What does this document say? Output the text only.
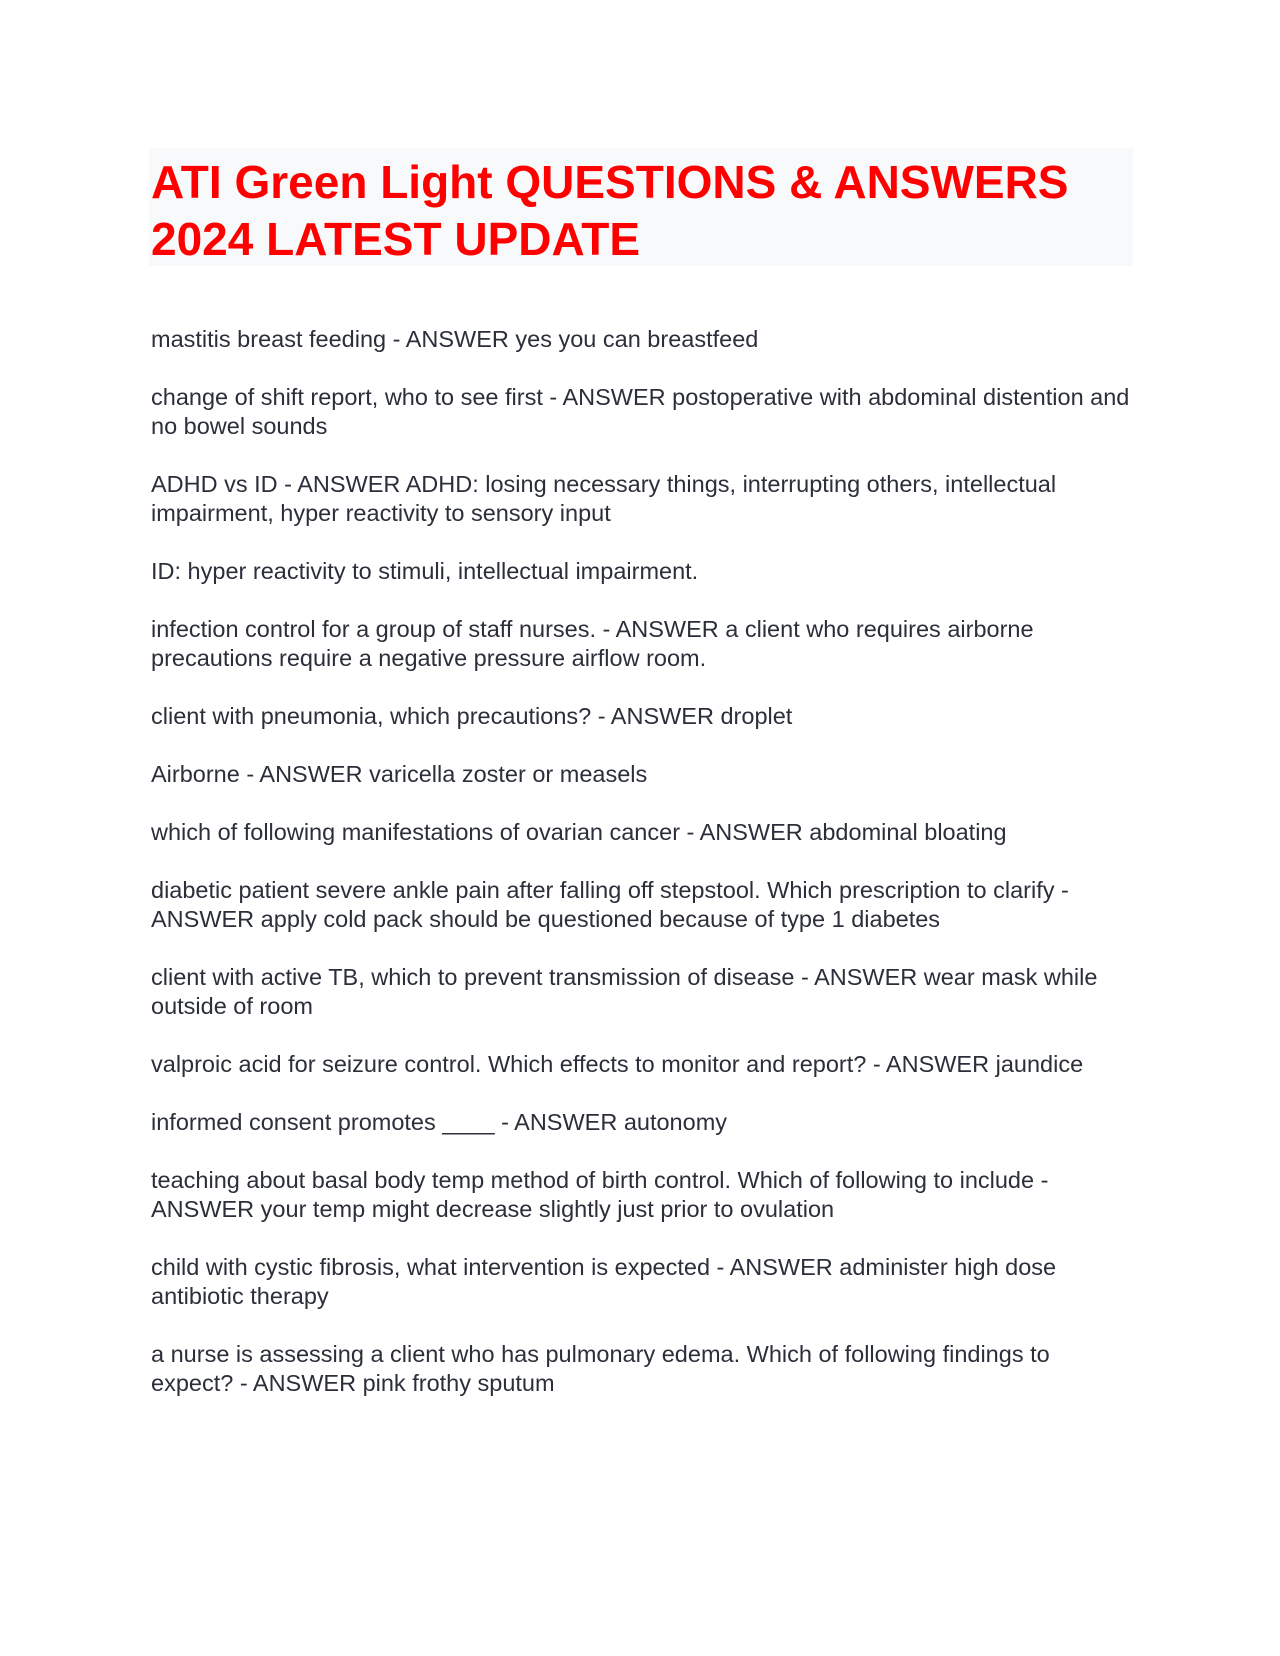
ATI Green Light QUESTIONS & ANSWERS 2024 LATEST UPDATE

mastitis breast feeding - ANSWER yes you can breastfeed

change of shift report, who to see first - ANSWER postoperative with abdominal distention and no bowel sounds

ADHD vs ID - ANSWER ADHD: losing necessary things, interrupting others, intellectual impairment, hyper reactivity to sensory input

ID: hyper reactivity to stimuli, intellectual impairment.

infection control for a group of staff nurses. - ANSWER a client who requires airborne precautions require a negative pressure airflow room.

client with pneumonia, which precautions? - ANSWER droplet

Airborne - ANSWER varicella zoster or measels

which of following manifestations of ovarian cancer - ANSWER abdominal bloating

diabetic patient severe ankle pain after falling off stepstool. Which prescription to clarify - ANSWER apply cold pack should be questioned because of type 1 diabetes

client with active TB, which to prevent transmission of disease - ANSWER wear mask while outside of room

valproic acid for seizure control. Which effects to monitor and report? - ANSWER jaundice

informed consent promotes ____ - ANSWER autonomy

teaching about basal body temp method of birth control. Which of following to include - ANSWER your temp might decrease slightly just prior to ovulation

child with cystic fibrosis, what intervention is expected - ANSWER administer high dose antibiotic therapy

a nurse is assessing a client who has pulmonary edema. Which of following findings to expect? - ANSWER pink frothy sputum
